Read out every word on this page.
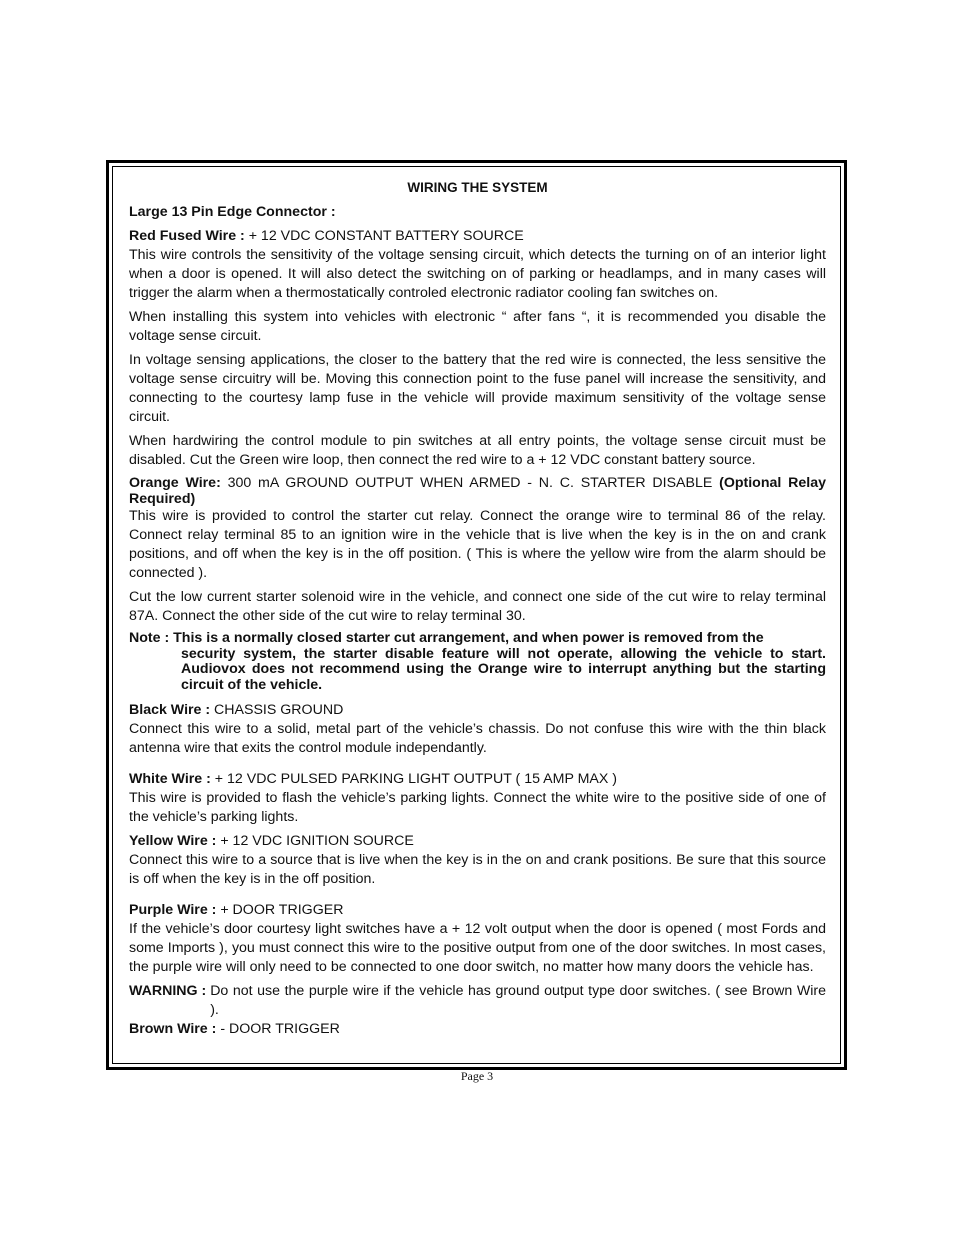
WIRING THE SYSTEM

Large 13 Pin Edge Connector :

Red Fused Wire : + 12 VDC CONSTANT BATTERY SOURCE

This wire controls the sensitivity of the voltage sensing circuit, which detects the turning on of an interior light when a door is opened. It will also detect the switching on of parking or headlamps, and in many cases will trigger the alarm when a thermostatically controled electronic radiator cooling fan switches on.

When installing this system into vehicles with electronic “ after fans “, it is recommended you disable the voltage sense circuit.

In voltage sensing applications, the closer to the battery that the red wire is connected, the less sensitive the voltage sense circuitry will be. Moving this connection point to the fuse panel will increase the sensitivity, and connecting to the courtesy lamp fuse in the vehicle will provide maximum sensitivity of the voltage sense circuit.

When hardwiring the control module to pin switches at all entry points, the voltage sense circuit must be disabled. Cut the Green wire loop, then connect the red wire to a + 12 VDC constant battery source.

Orange Wire: 300 mA GROUND OUTPUT WHEN ARMED - N. C. STARTER DISABLE (Optional Relay Required)

This wire is provided to control the starter cut relay. Connect the orange wire to terminal 86 of the relay. Connect relay terminal 85 to an ignition wire in the vehicle that is live when the key is in the on and crank positions, and off when the key is in the off position. ( This is where the yellow wire from the alarm should be connected ).

Cut the low current starter solenoid wire in the vehicle, and connect one side of the cut wire to relay terminal 87A. Connect the other side of the cut wire to relay terminal 30.

Note : This is a normally closed starter cut arrangement, and when power is removed from the

security system, the starter disable feature will not operate, allowing the vehicle to start. Audiovox does not recommend using the Orange wire to interrupt anything but the starting circuit of the vehicle.

Black Wire : CHASSIS GROUND

Connect this wire to a solid, metal part of the vehicle’s chassis. Do not confuse this wire with the thin black antenna wire that exits the control module independantly.

White Wire : + 12 VDC PULSED PARKING LIGHT OUTPUT ( 15 AMP MAX )

This wire is provided to flash the vehicle’s parking lights. Connect the white wire to the positive side of one of the vehicle’s parking lights.

Yellow Wire : + 12 VDC IGNITION SOURCE

Connect this wire to a source that is live when the key is in the on and crank positions. Be sure that this source is off when the key is in the off position.

Purple Wire : + DOOR TRIGGER

If the vehicle’s door courtesy light switches have a + 12 volt output when the door is opened ( most Fords and some Imports ), you must connect this wire to the positive output from one of the door switches. In most cases, the purple wire will only need to be connected to one door switch, no matter how many doors the vehicle has.

WARNING : Do not use the purple wire if the vehicle has ground output type door switches. ( see Brown Wire ).

Brown Wire : - DOOR TRIGGER

Page 3
